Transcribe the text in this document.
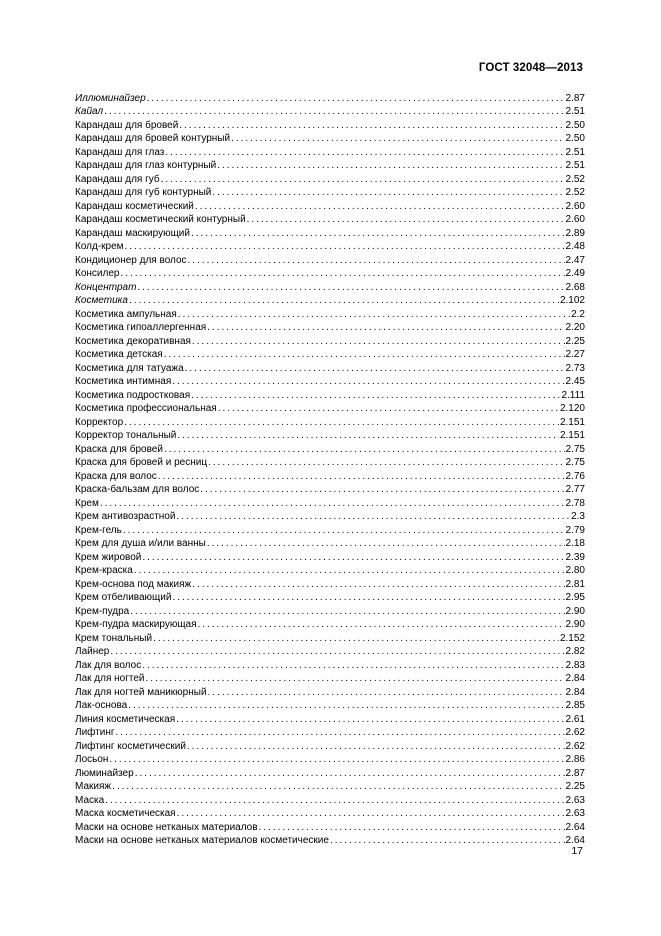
ГОСТ 32048—2013
Иллюминайзер . . .	2.87
Кайал . . .	2.51
Карандаш для бровей . . .	2.50
Карандаш для бровей контурный . . .	2.50
Карандаш для глаз . . .	2.51
Карандаш для глаз контурный . . .	2.51
Карандаш для губ . . .	2.52
Карандаш для губ контурный . . .	2.52
Карандаш косметический . . .	2.60
Карандаш косметический контурный . . .	2.60
Карандаш маскирующий . . .	2.89
Колд-крем . . .	2.48
Кондиционер для волос . . .	2.47
Консилер . . .	2.49
Концентрат . . .	2.68
Косметика . . .	2.102
Косметика ампульная . . .	2.2
Косметика гипоаллергенная . . .	2.20
Косметика декоративная . . .	2.25
Косметика детская . . .	2.27
Косметика для татуажа . . .	2.73
Косметика интимная . . .	2.45
Косметика подростковая . . .	2.111
Косметика профессиональная . . .	2.120
Корректор . . .	2.151
Корректор тональный . . .	2.151
Краска для бровей . . .	2.75
Краска для бровей и ресниц . . .	2.75
Краска для волос . . .	2.76
Краска-бальзам для волос . . .	2.77
Крем . . .	2.78
Крем антивозрастной . . .	2.3
Крем-гель . . .	2.79
Крем для душа и/или ванны . . .	2.18
Крем жировой . . .	2.39
Крем-краска . . .	2.80
Крем-основа под макияж . . .	2.81
Крем отбеливающий . . .	2.95
Крем-пудра . . .	2.90
Крем-пудра маскирующая . . .	2.90
Крем тональный . . .	2.152
Лайнер . . .	2.82
Лак для волос . . .	2.83
Лак для ногтей . . .	2.84
Лак для ногтей маникюрный . . .	2.84
Лак-основа . . .	2.85
Линия косметическая . . .	2.61
Лифтинг . . .	2.62
Лифтинг косметический . . .	2.62
Лосьон . . .	2.86
Люминайзер . . .	2.87
Макияж . . .	2.25
Маска . . .	2.63
Маска косметическая . . .	2.63
Маски на основе нетканых материалов . . .	2.64
Маски на основе нетканых материалов косметические . . .	2.64
17
